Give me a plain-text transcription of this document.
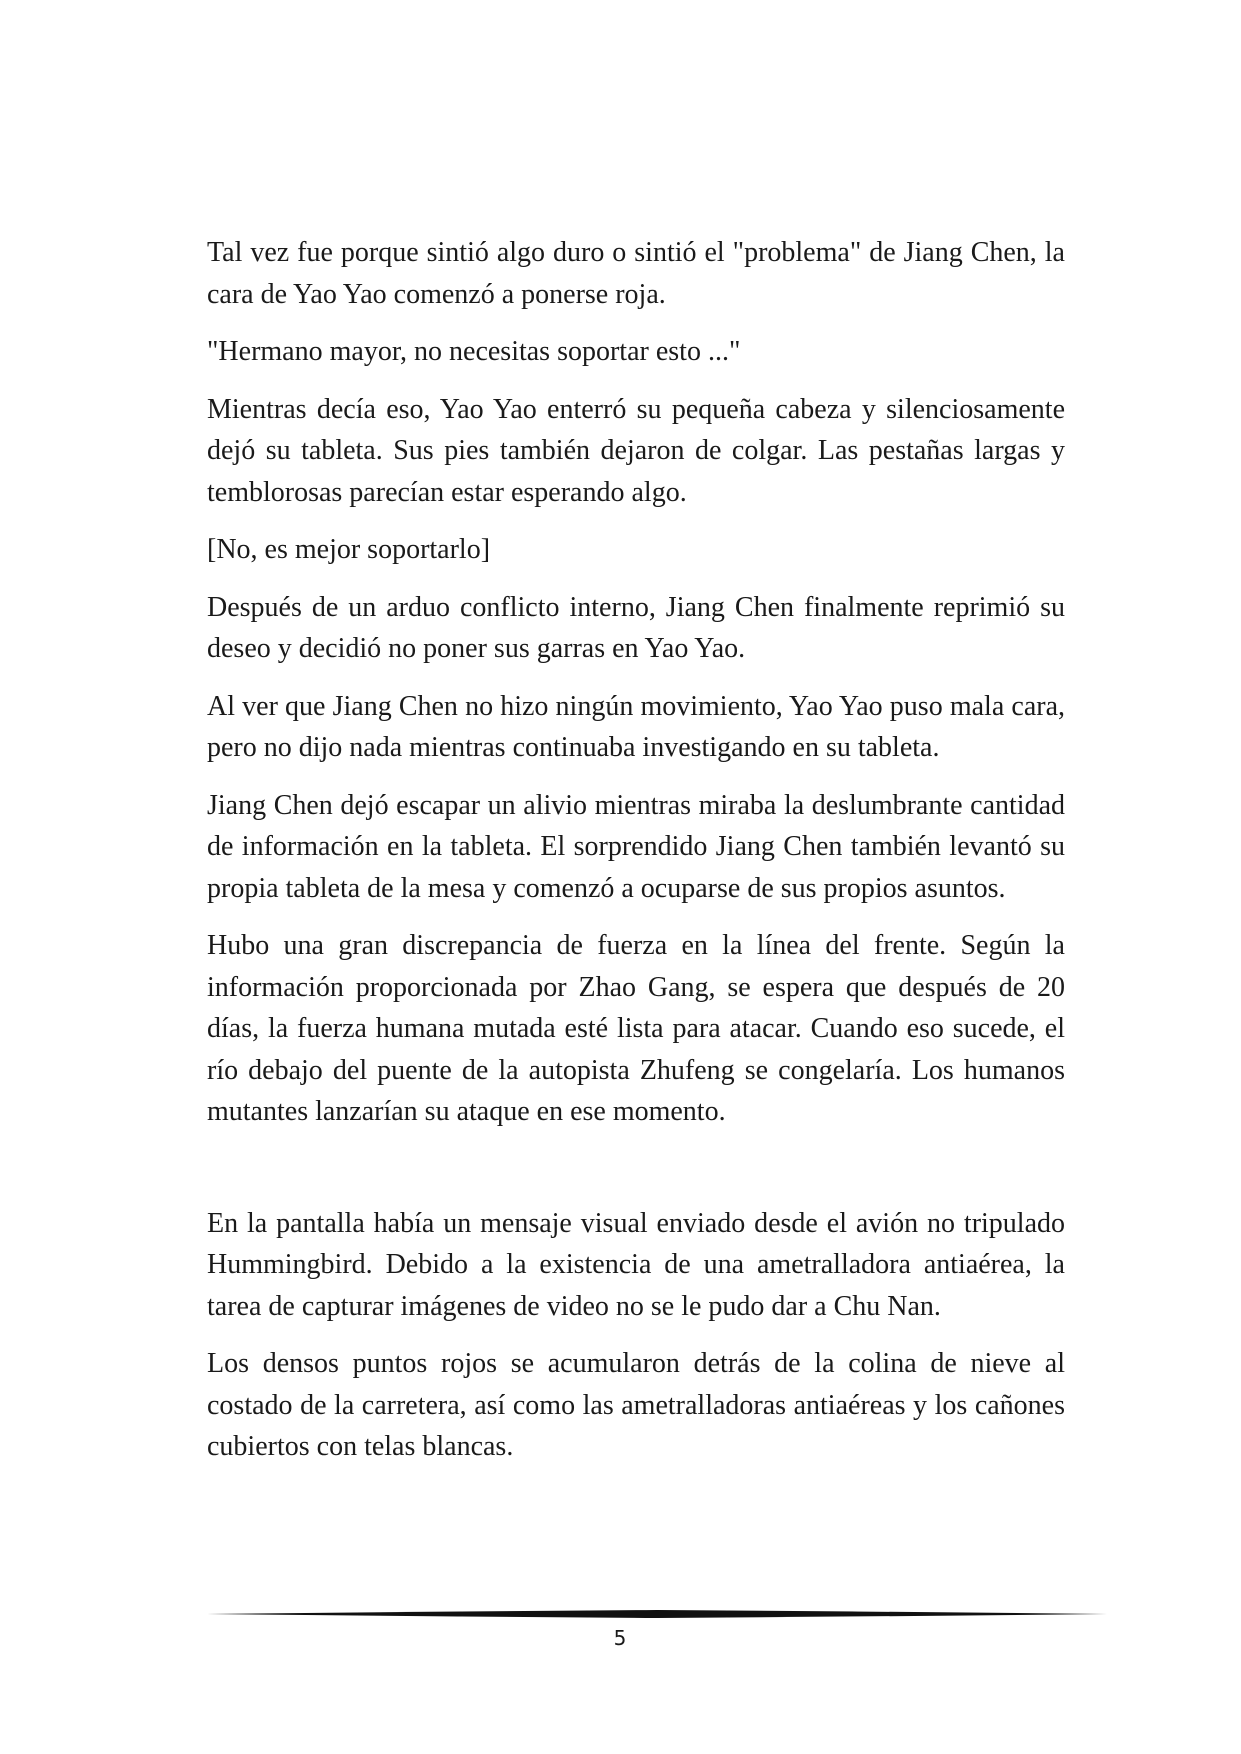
Tal vez fue porque sintió algo duro o sintió el "problema" de Jiang Chen, la cara de Yao Yao comenzó a ponerse roja.

"Hermano mayor, no necesitas soportar esto ..."

Mientras decía eso, Yao Yao enterró su pequeña cabeza y silenciosamente dejó su tableta. Sus pies también dejaron de colgar. Las pestañas largas y temblorosas parecían estar esperando algo.

[No, es mejor soportarlo]

Después de un arduo conflicto interno, Jiang Chen finalmente reprimió su deseo y decidió no poner sus garras en Yao Yao.

Al ver que Jiang Chen no hizo ningún movimiento, Yao Yao puso mala cara, pero no dijo nada mientras continuaba investigando en su tableta.

Jiang Chen dejó escapar un alivio mientras miraba la deslumbrante cantidad de información en la tableta. El sorprendido Jiang Chen también levantó su propia tableta de la mesa y comenzó a ocuparse de sus propios asuntos.

Hubo una gran discrepancia de fuerza en la línea del frente. Según la información proporcionada por Zhao Gang, se espera que después de 20 días, la fuerza humana mutada esté lista para atacar. Cuando eso sucede, el río debajo del puente de la autopista Zhufeng se congelaría. Los humanos mutantes lanzarían su ataque en ese momento.

En la pantalla había un mensaje visual enviado desde el avión no tripulado Hummingbird. Debido a la existencia de una ametralladora antiaérea, la tarea de capturar imágenes de video no se le pudo dar a Chu Nan.

Los densos puntos rojos se acumularon detrás de la colina de nieve al costado de la carretera, así como las ametralladoras antiaéreas y los cañones cubiertos con telas blancas.

5
